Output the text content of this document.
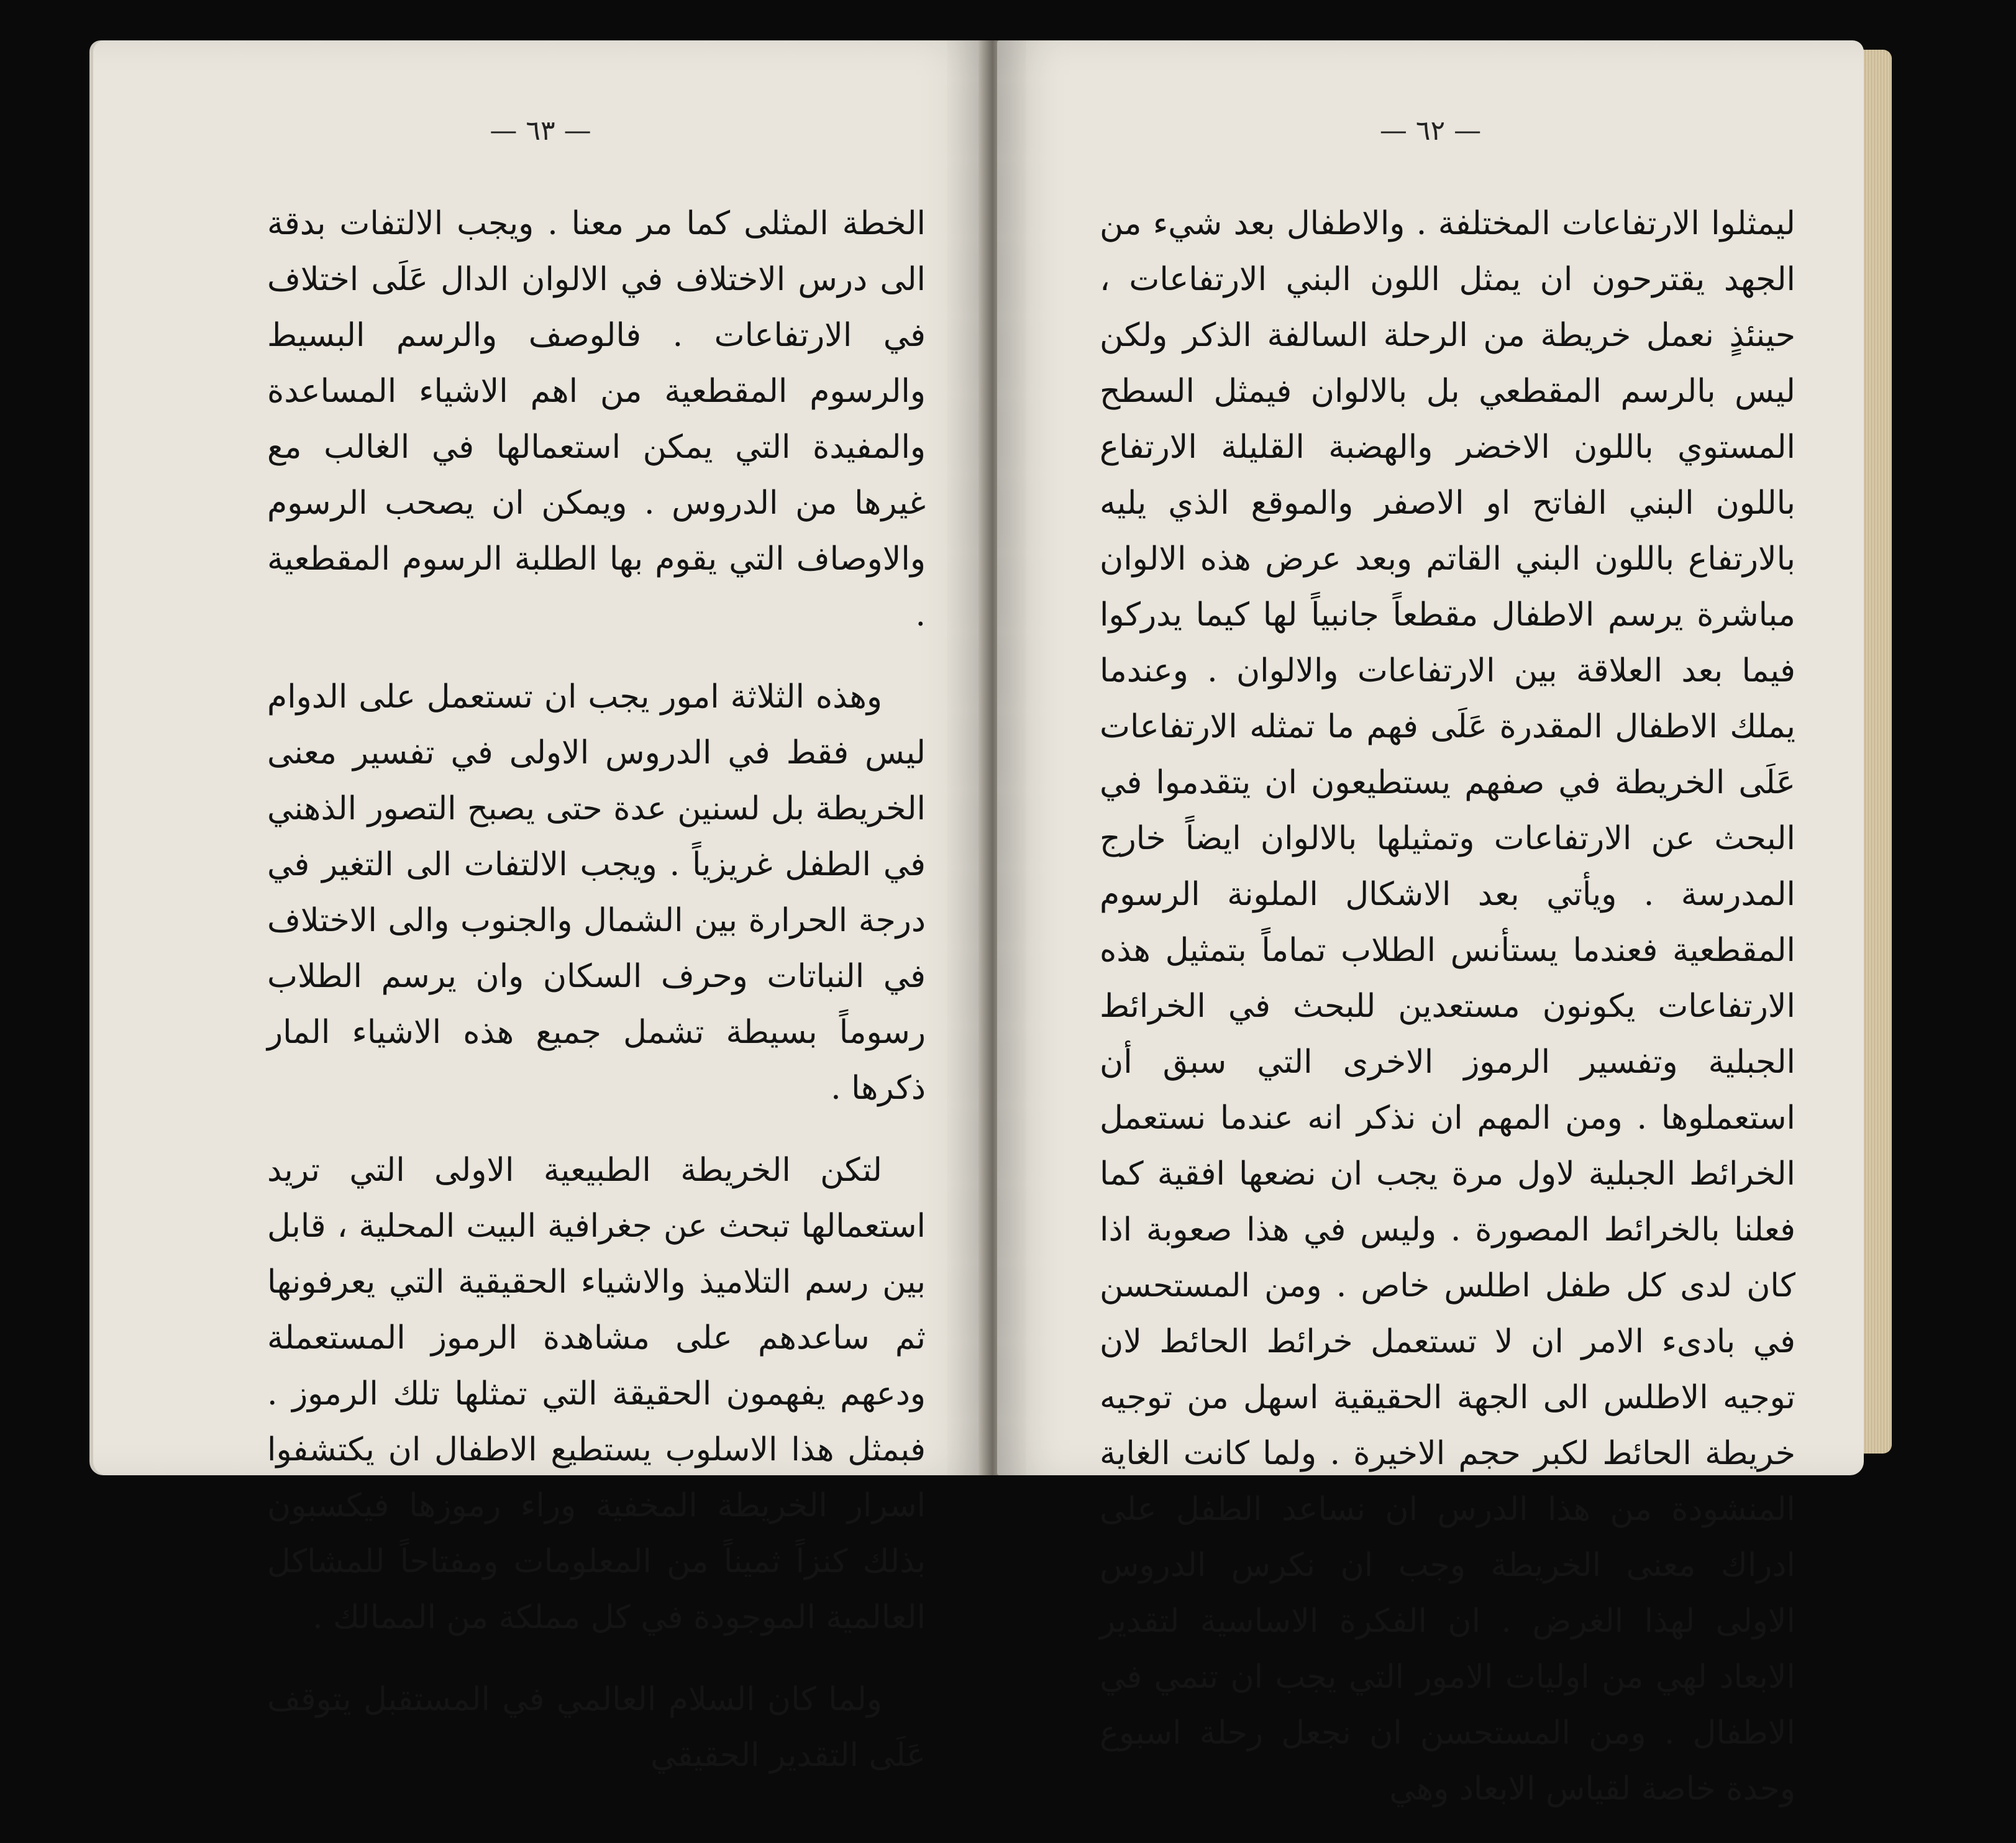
— ٦٣ —

الخطة المثلى كما مر معنا . ويجب الالتفات بدقة الى درس الاختلاف في الالوان الدال عَلَى اختلاف في الارتفاعات . فالوصف والرسم البسيط والرسوم المقطعية من اهم الاشياء المساعدة والمفيدة التي يمكن استعمالها في الغالب مع غيرها من الدروس . ويمكن ان يصحب الرسوم والاوصاف التي يقوم بها الطلبة الرسوم المقطعية .

وهذه الثلاثة امور يجب ان تستعمل على الدوام ليس فقط في الدروس الاولى في تفسير معنى الخريطة بل لسنين عدة حتى يصبح التصور الذهني في الطفل غريزياً . ويجب الالتفات الى التغير في درجة الحرارة بين الشمال والجنوب والى الاختلاف في النباتات وحرف السكان وان يرسم الطلاب رسوماً بسيطة تشمل جميع هذه الاشياء المار ذكرها .

لتكن الخريطة الطبيعية الاولى التي تريد استعمالها تبحث عن جغرافية البيت المحلية ، قابل بين رسم التلاميذ والاشياء الحقيقية التي يعرفونها ثم ساعدهم على مشاهدة الرموز المستعملة ودعهم يفهمون الحقيقة التي تمثلها تلك الرموز . فبمثل هذا الاسلوب يستطيع الاطفال ان يكتشفوا اسرار الخريطة المخفية وراء رموزها فيكسبون بذلك كنزاً ثميناً من المعلومات ومفتاحاً للمشاكل العالمية الموجودة في كل مملكة من الممالك .

ولما كان السلام العالمي في المستقبل يتوقف عَلَى التقدير الحقيقي

— ٦٢ —

ليمثلوا الارتفاعات المختلفة . والاطفال بعد شيء من الجهد يقترحون ان يمثل اللون البني الارتفاعات ، حينئذٍ نعمل خريطة من الرحلة السالفة الذكر ولكن ليس بالرسم المقطعي بل بالالوان فيمثل السطح المستوي باللون الاخضر والهضبة القليلة الارتفاع باللون البني الفاتح او الاصفر والموقع الذي يليه بالارتفاع باللون البني القاتم وبعد عرض هذه الالوان مباشرة يرسم الاطفال مقطعاً جانبياً لها كيما يدركوا فيما بعد العلاقة بين الارتفاعات والالوان . وعندما يملك الاطفال المقدرة عَلَى فهم ما تمثله الارتفاعات عَلَى الخريطة في صفهم يستطيعون ان يتقدموا في البحث عن الارتفاعات وتمثيلها بالالوان ايضاً خارج المدرسة . ويأتي بعد الاشكال الملونة الرسوم المقطعية فعندما يستأنس الطلاب تماماً بتمثيل هذه الارتفاعات يكونون مستعدين للبحث في الخرائط الجبلية وتفسير الرموز الاخرى التي سبق أن استعملوها . ومن المهم ان نذكر انه عندما نستعمل الخرائط الجبلية لاول مرة يجب ان نضعها افقية كما فعلنا بالخرائط المصورة . وليس في هذا صعوبة اذا كان لدى كل طفل اطلس خاص . ومن المستحسن في بادىء الامر ان لا تستعمل خرائط الحائط لان توجيه الاطلس الى الجهة الحقيقية اسهل من توجيه خريطة الحائط لكبر حجم الاخيرة . ولما كانت الغاية المنشودة من هذا الدرس ان نساعد الطفل على ادراك معنى الخريطة وجب ان نكرس الدروس الاولى لهذا الغرض . ان الفكرة الاساسية لتقدير الابعاد لهي من اوليات الامور التي يجب ان تنمي في الاطفال . ومن المستحسن ان نجعل رحلة اسبوع وحدة خاصة لقياس الابعاد وهي
